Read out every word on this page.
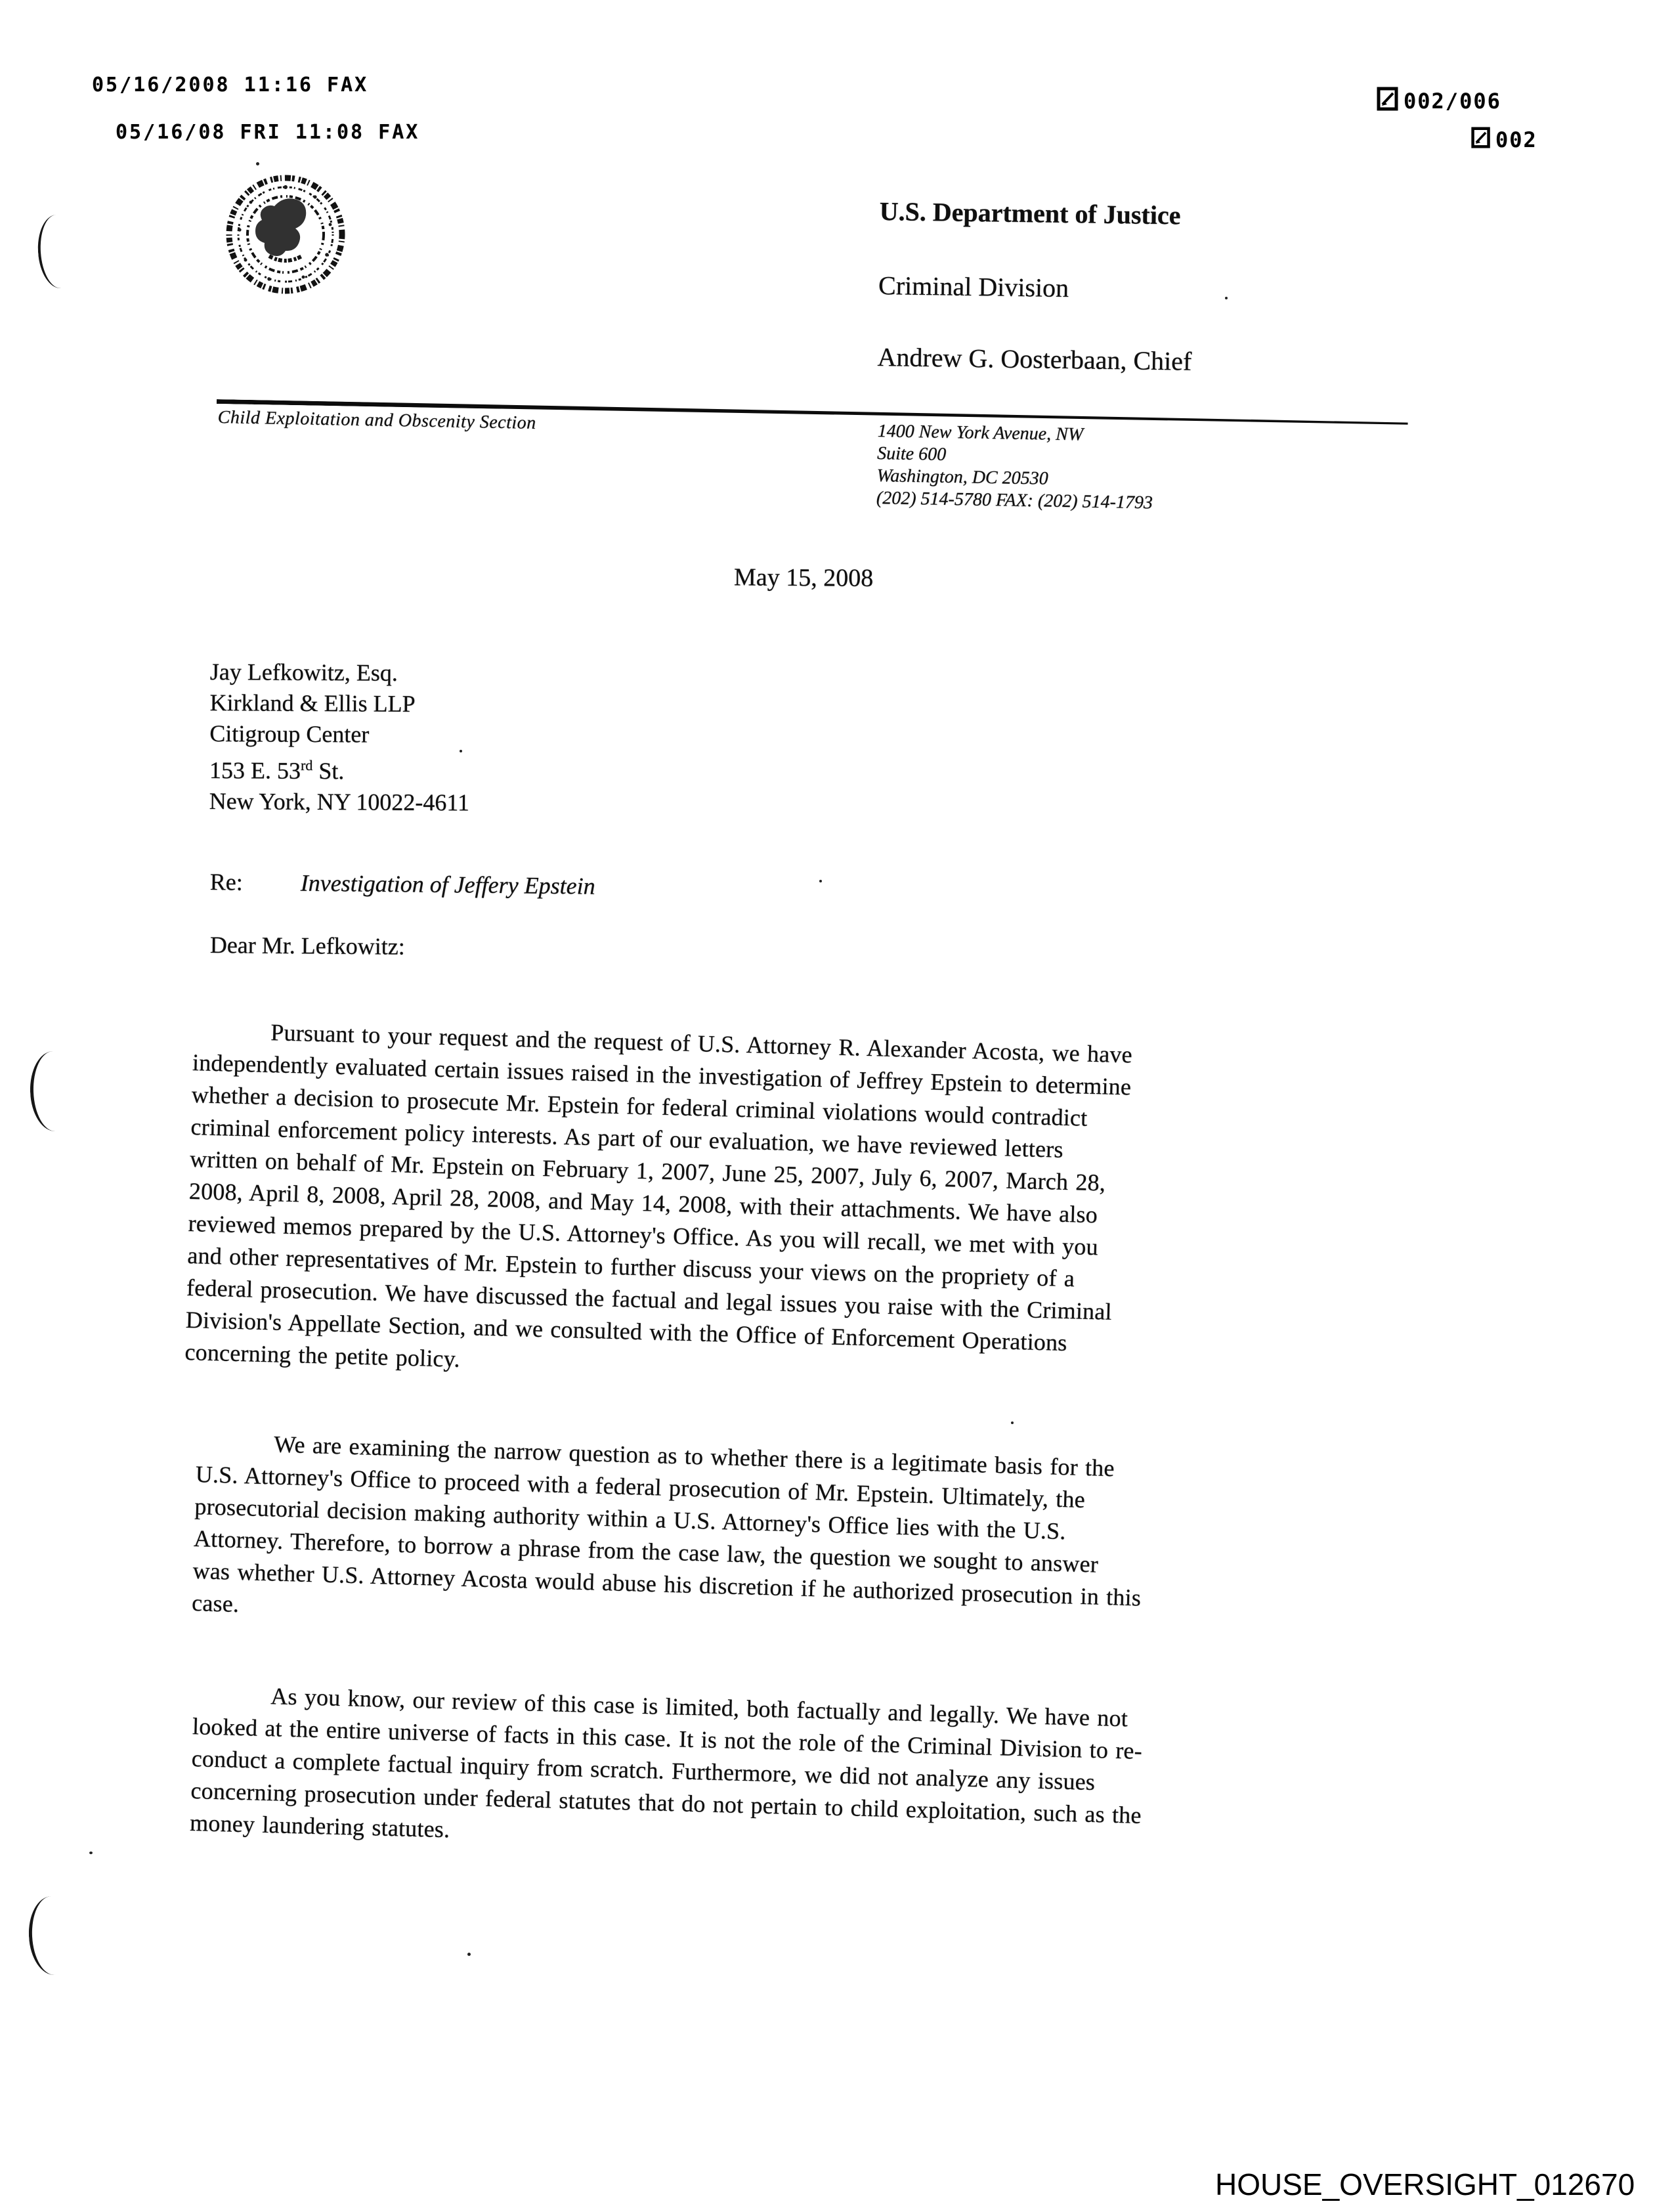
05/16/2008 11:16 FAX
05/16/08 FRI 11:08 FAX
002/006
002
U.S. Department of Justice
Criminal Division
Andrew G. Oosterbaan, Chief
Child Exploitation and Obscenity Section	1400 New York Avenue, NW
Suite 600
Washington, DC 20530
(202) 514-5780 FAX: (202) 514-1793
May 15, 2008
Jay Lefkowitz, Esq.
Kirkland & Ellis LLP
Citigroup Center
153 E. 53rd St.
New York, NY 10022-4611
Re: Investigation of Jeffery Epstein
Dear Mr. Lefkowitz:
Pursuant to your request and the request of U.S. Attorney R. Alexander Acosta, we have
independently evaluated certain issues raised in the investigation of Jeffrey Epstein to determine
whether a decision to prosecute Mr. Epstein for federal criminal violations would contradict
criminal enforcement policy interests. As part of our evaluation, we have reviewed letters
written on behalf of Mr. Epstein on February 1, 2007, June 25, 2007, July 6, 2007, March 28,
2008, April 8, 2008, April 28, 2008, and May 14, 2008, with their attachments. We have also
reviewed memos prepared by the U.S. Attorney's Office. As you will recall, we met with you
and other representatives of Mr. Epstein to further discuss your views on the propriety of a
federal prosecution. We have discussed the factual and legal issues you raise with the Criminal
Division's Appellate Section, and we consulted with the Office of Enforcement Operations
concerning the petite policy.
We are examining the narrow question as to whether there is a legitimate basis for the
U.S. Attorney's Office to proceed with a federal prosecution of Mr. Epstein. Ultimately, the
prosecutorial decision making authority within a U.S. Attorney's Office lies with the U.S.
Attorney. Therefore, to borrow a phrase from the case law, the question we sought to answer
was whether U.S. Attorney Acosta would abuse his discretion if he authorized prosecution in this
case.
As you know, our review of this case is limited, both factually and legally. We have not
looked at the entire universe of facts in this case. It is not the role of the Criminal Division to re-
conduct a complete factual inquiry from scratch. Furthermore, we did not analyze any issues
concerning prosecution under federal statutes that do not pertain to child exploitation, such as the
money laundering statutes.
HOUSE_OVERSIGHT_012670
